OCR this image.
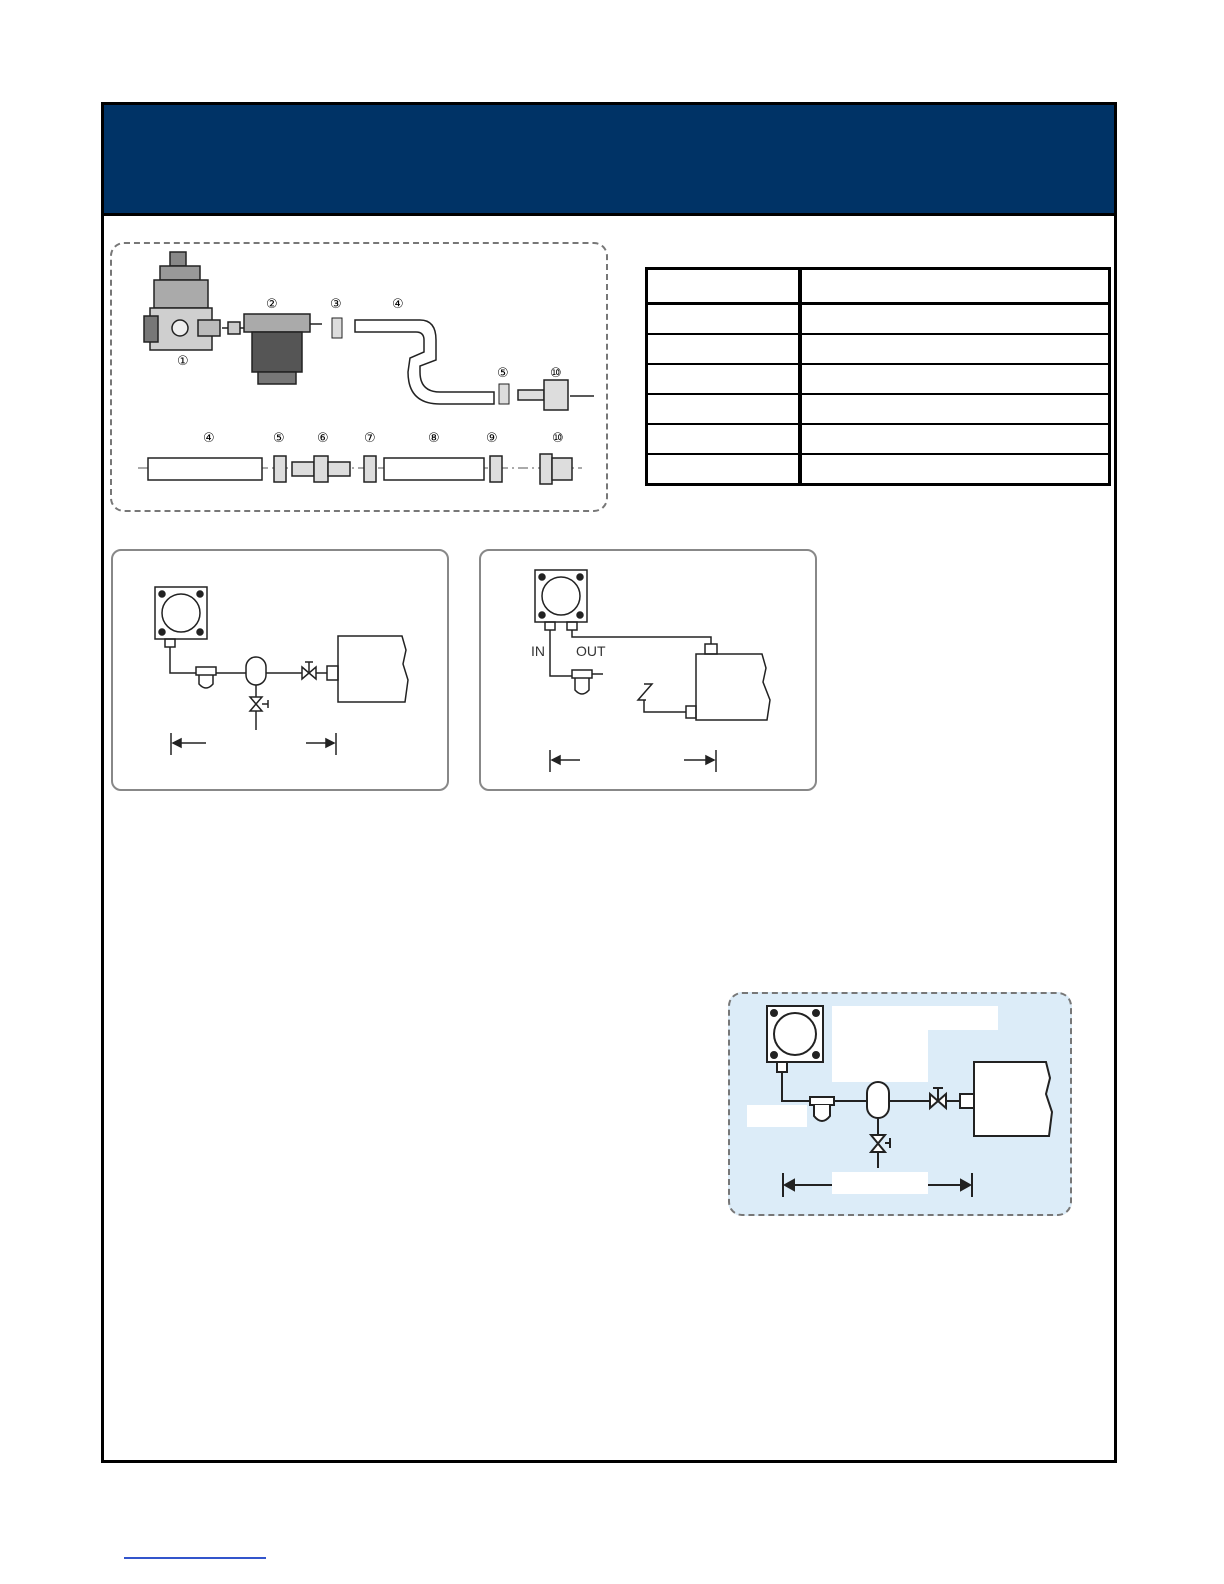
①
②	③	④
⑤	⑩
④	⑤ ⑥	⑦	⑧	⑨	⑩

IN OUT
